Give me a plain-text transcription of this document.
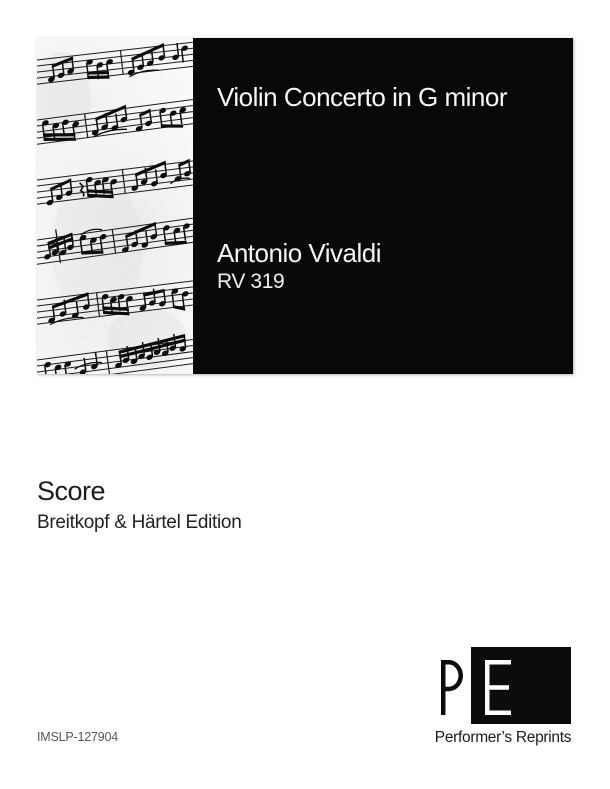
Violin Concerto in G minor
Antonio Vivaldi
RV 319
Score
Breitkopf & Härtel Edition
Performer’s Reprints
IMSLP-127904
